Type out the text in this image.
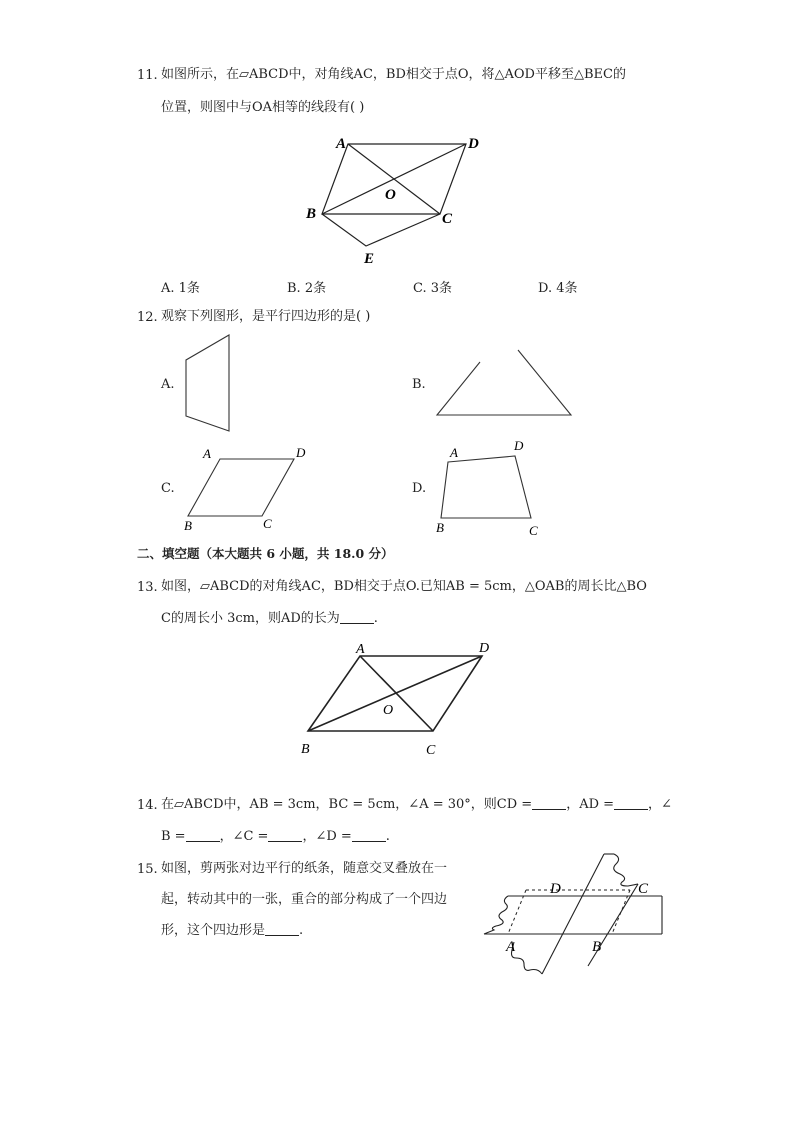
11. 如图所示，在▱ABCD中，对角线AC，BD相交于点O，将△AOD平移至△BEC的
位置，则图中与OA相等的线段有( )
A	D
O
B	C
E
A. 1条	B. 2条	C. 3条	D. 4条
12. 观察下列图形，是平行四边形的是( )
A.	B.
C.
A	D
B	C
D.
A	D
B	C
二、填空题（本大题共 6 小题，共 18.0 分）
13. 如图，▱ABCD的对角线AC，BD相交于点O.已知AB = 5cm，△OAB的周长比△BO
C的周长小 3cm，则AD的长为	.
A	D
O
B	C
14. 在▱ABCD中，AB = 3cm，BC = 5cm，∠A = 30°，则CD =	，AD =	，∠
B =	，∠C =	，∠D =	.
15. 如图，剪两张对边平行的纸条，随意交叉叠放在一
起，转动其中的一张，重合的部分构成了一个四边
形，这个四边形是	.
D	C
A	B
